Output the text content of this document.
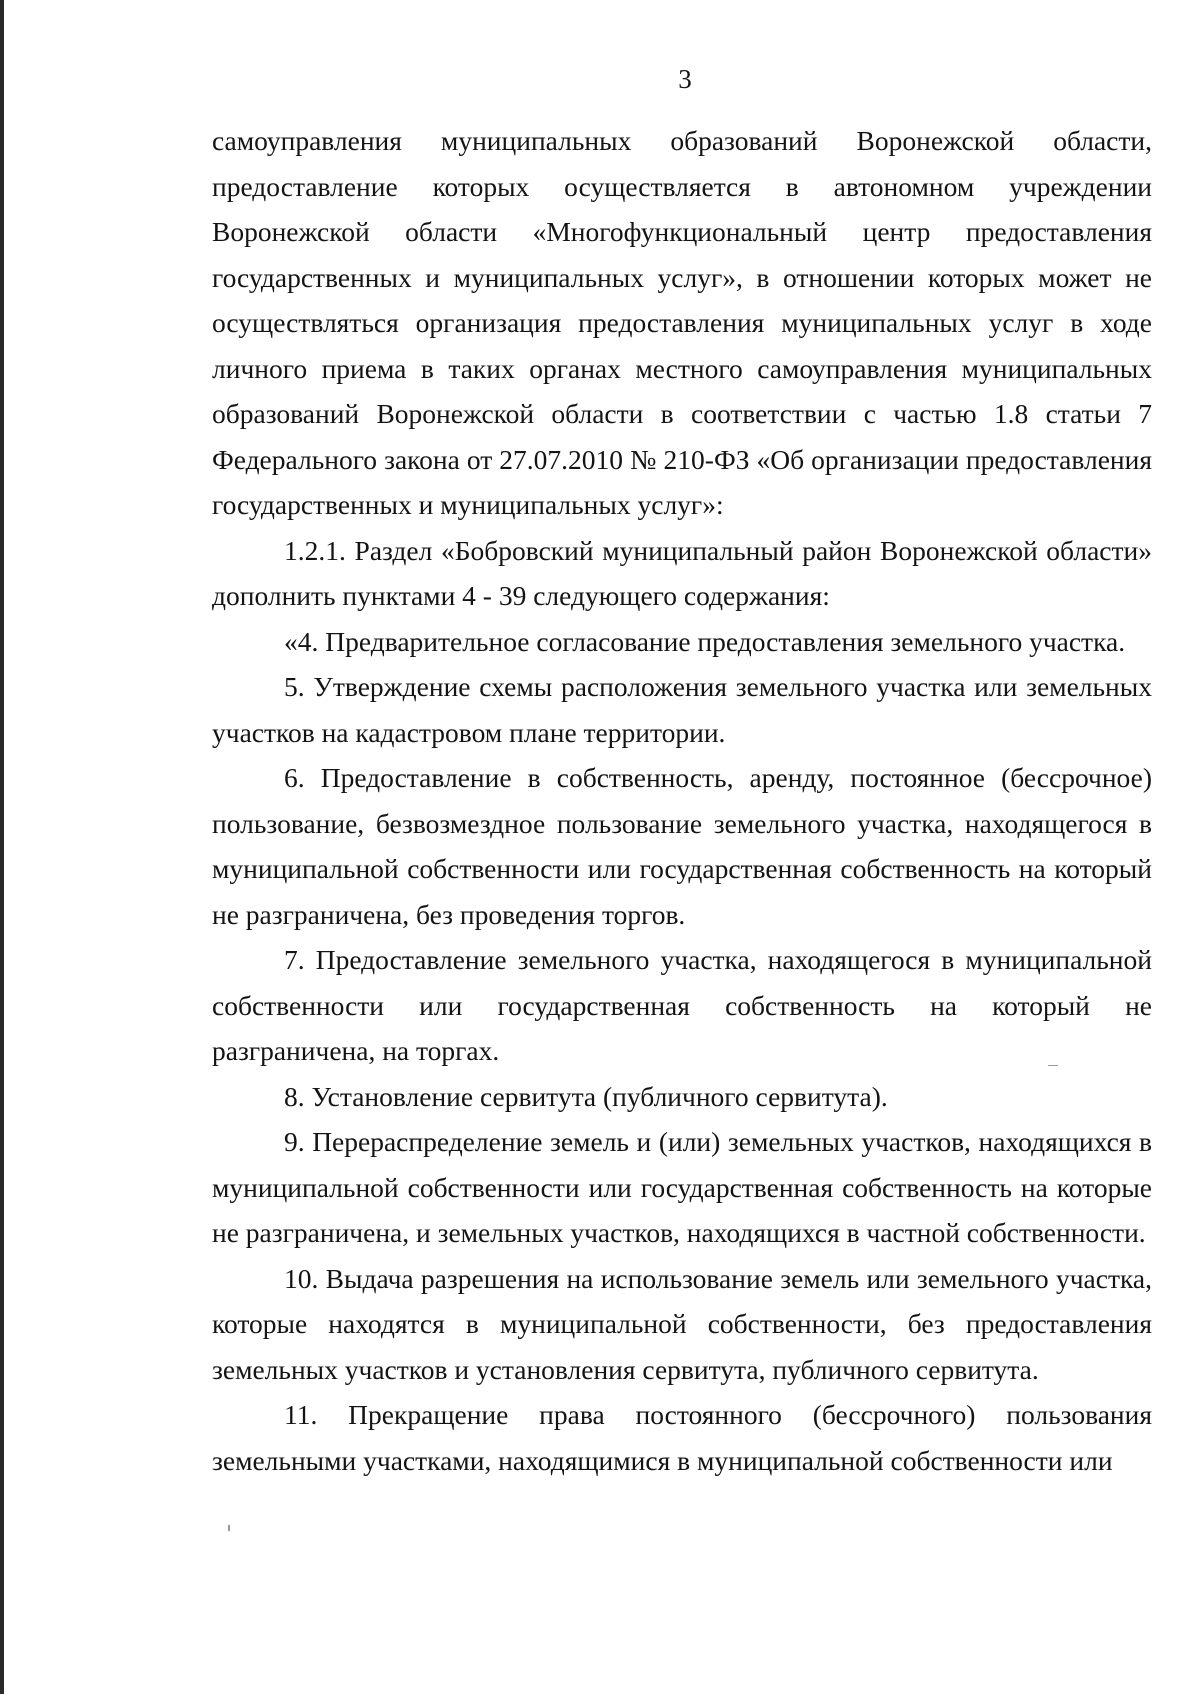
3

самоуправления муниципальных образований Воронежской области, предоставление которых осуществляется в автономном учреждении Воронежской области «Многофункциональный центр предоставления государственных и муниципальных услуг», в отношении которых может не осуществляться организация предоставления муниципальных услуг в ходе личного приема в таких органах местного самоуправления муниципальных образований Воронежской области в соответствии с частью 1.8 статьи 7 Федерального закона от 27.07.2010 № 210-ФЗ «Об организации предоставления государственных и муниципальных услуг»:

1.2.1. Раздел «Бобровский муниципальный район Воронежской области» дополнить пунктами 4 - 39 следующего содержания:

«4. Предварительное согласование предоставления земельного участка.

5. Утверждение схемы расположения земельного участка или земельных участков на кадастровом плане территории.

6. Предоставление в собственность, аренду, постоянное (бессрочное) пользование, безвозмездное пользование земельного участка, находящегося в муниципальной собственности или государственная собственность на который не разграничена, без проведения торгов.

7. Предоставление земельного участка, находящегося в муниципальной собственности или государственная собственность на который не разграничена, на торгах.

8. Установление сервитута (публичного сервитута).

9. Перераспределение земель и (или) земельных участков, находящихся в муниципальной собственности или государственная собственность на которые не разграничена, и земельных участков, находящихся в частной собственности.

10. Выдача разрешения на использование земель или земельного участка, которые находятся в муниципальной собственности, без предоставления земельных участков и установления сервитута, публичного сервитута.

11. Прекращение права постоянного (бессрочного) пользования земельными участками, находящимися в муниципальной собственности или
